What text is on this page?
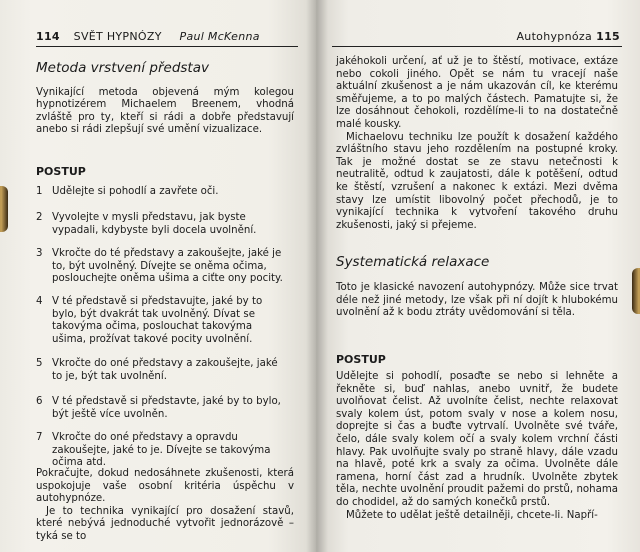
114 SVĚT HYPNÓZY Paul McKenna
Metoda vrstvení představ

Vynikající metoda objevená mým kolegou hypnotizérem Michaelem Breenem, vhodná zvláště pro ty, kteří si rádi a dobře představují anebo si rádi zlepšují své umění vizualizace.

POSTUP
1 Udělejte si pohodlí a zavřete oči.
2 Vyvolejte v mysli představu, jak byste vypadali, kdybyste byli docela uvolnění.
3 Vkročte do té představy a zakoušejte, jaké je to, být uvolněný. Dívejte se oněma očima, poslouchejte oněma ušima a ciťte ony pocity.
4 V té představě si představujte, jaké by to bylo, být dvakrát tak uvolněný. Dívat se takovýma očima, poslouchat takovýma ušima, prožívat takové pocity uvolnění.
5 Vkročte do oné představy a zakoušejte, jaké to je, být tak uvolnění.
6 V té představě si představte, jaké by to bylo, být ještě více uvolněn.
7 Vkročte do oné představy a opravdu zakoušejte, jaké to je. Dívejte se takovýma očima atd.

Pokračujte, dokud nedosáhnete zkušenosti, která uspokojuje vaše osobní kritéria úspěchu v autohypnóze.

Je to technika vynikající pro dosažení stavů, které nebývá jednoduché vytvořit jednorázově – tyká se to

Autohypnóza 115

jakéhokoli určení, ať už je to štěstí, motivace, extáze nebo cokoli jiného. Opět se nám tu vracejí naše aktuální zkušenost a je nám ukazován cíl, ke kterému směřujeme, a to po malých částech. Pamatujte si, že lze dosáhnout čehokoli, rozdělíme-li to na dostatečně malé kousky.

Michaelovu techniku lze použít k dosažení každého zvláštního stavu jeho rozdělením na postupné kroky. Tak je možné dostat se ze stavu netečnosti k neutralitě, odtud k zaujatosti, dále k potěšení, odtud ke štěstí, vzrušení a nakonec k extázi. Mezi dvěma stavy lze umístit libovolný počet přechodů, je to vynikající technika k vytvoření takového druhu zkušenosti, jaký si přejeme.

Systematická relaxace

Toto je klasické navození autohypnózy. Může sice trvat déle než jiné metody, lze však při ní dojít k hlubokému uvolnění až k bodu ztráty uvědomování si těla.

POSTUP

Udělejte si pohodlí, posaďte se nebo si lehněte a řekněte si, buď nahlas, anebo uvnitř, že budete uvolňovat čelist. Až uvolníte čelist, nechte relaxovat svaly kolem úst, potom svaly v nose a kolem nosu, doprejte si čas a buďte vytrvalí. Uvolněte své tváře, čelo, dále svaly kolem očí a svaly kolem vrchní části hlavy. Pak uvolňujte svaly po straně hlavy, dále vzadu na hlavě, poté krk a svaly za očima. Uvolněte dále ramena, horní část zad a hrudník. Uvolněte zbytek těla, nechte uvolnění proudit pažemi do prstů, nohama do chodidel, až do samých konečků prstů.

Můžete to udělat ještě detailněji, chcete-li. Napří-
